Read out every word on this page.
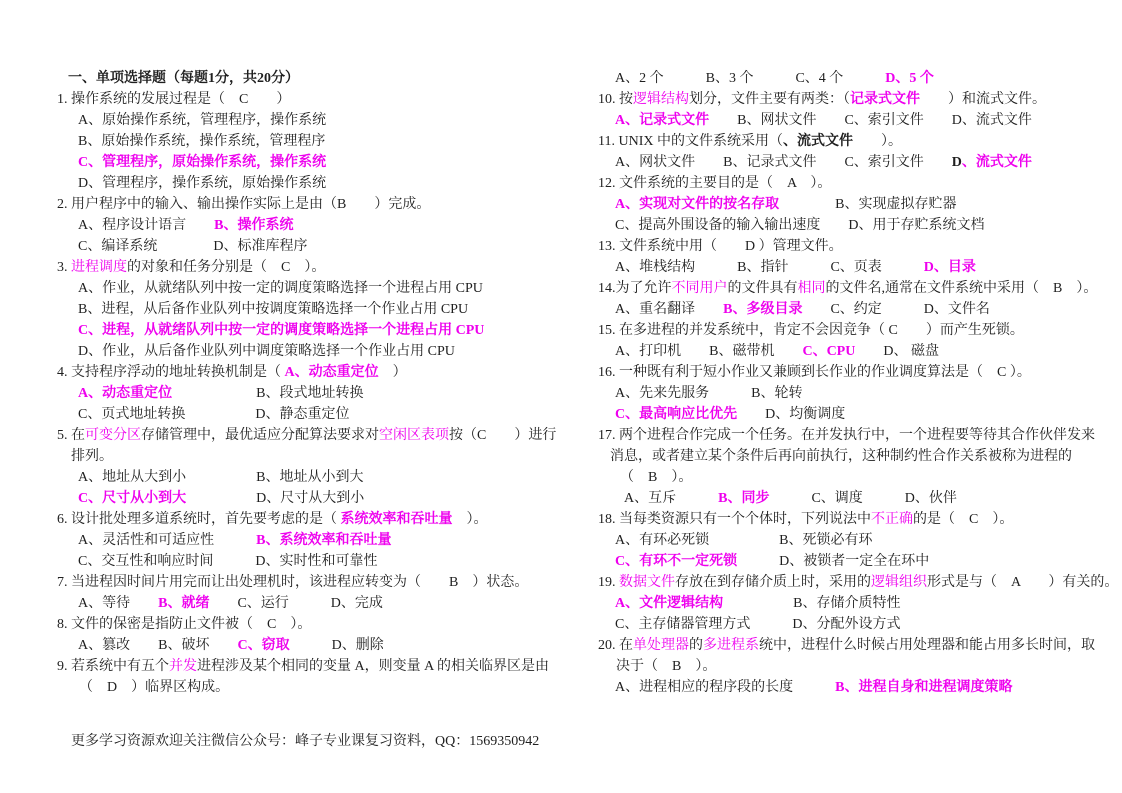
一、单项选择题（每题1分，共20分）
1. 操作系统的发展过程是（　C　　）
A、原始操作系统，管理程序，操作系统
B、原始操作系统，操作系统，管理程序
C、管理程序，原始操作系统，操作系统
D、管理程序，操作系统，原始操作系统
2. 用户程序中的输入、输出操作实际上是由（B　　）完成。
A、程序设计语言　　B、操作系统
C、编译系统　　　　D、标准库程序
3. 进程调度的对象和任务分别是（　C　）。
A、作业，从就绪队列中按一定的调度策略选择一个进程占用 CPU
B、进程，从后备作业队列中按调度策略选择一个作业占用 CPU
C、进程，从就绪队列中按一定的调度策略选择一个进程占用 CPU
D、作业，从后备作业队列中调度策略选择一个作业占用 CPU
4. 支持程序浮动的地址转换机制是（ A、动态重定位　）
A、动态重定位　　　　　　B、段式地址转换
C、页式地址转换　　　　　D、静态重定位
5. 在可变分区存储管理中，最优适应分配算法要求对空闲区表项按（C　　）进行
排列。
A、地址从大到小　　　　　B、地址从小到大
C、尺寸从小到大　　　　　D、尺寸从大到小
6. 设计批处理多道系统时，首先要考虑的是（ 系统效率和吞吐量　）。
A、灵活性和可适应性　　　B、系统效率和吞吐量
C、交互性和响应时间　　　D、实时性和可靠性
7. 当进程因时间片用完而让出处理机时，该进程应转变为（　　B　）状态。
A、等待　　B、就绪　　C、运行　　　D、完成
8. 文件的保密是指防止文件被（　C　）。
A、篡改　　B、破坏　　C、窃取　　　D、删除
9. 若系统中有五个并发进程涉及某个相同的变量 A，则变量 A 的相关临界区是由
（　D　）临界区构成。
A、2 个　　　B、3 个　　　C、4 个　　　D、5 个
10. 按逻辑结构划分，文件主要有两类：（记录式文件　　）和流式文件。
A、记录式文件　　B、网状文件　　C、索引文件　　D、流式文件
11. UNIX 中的文件系统采用（、流式文件　　）。
A、网状文件　　B、记录式文件　　C、索引文件　　D、流式文件
12. 文件系统的主要目的是（　A　）。
A、实现对文件的按名存取　　　　B、实现虚拟存贮器
C、提高外围设备的输入输出速度　　D、用于存贮系统文档
13. 文件系统中用（　　D ）管理文件。
A、堆栈结构　　　B、指针　　　C、页表　　　D、目录
14.为了允许不同用户的文件具有相同的文件名,通常在文件系统中采用（　B　）。
A、重名翻译　　B、多级目录　　C、约定　　　D、文件名
15. 在多进程的并发系统中，肯定不会因竞争（ C　　）而产生死锁。
A、打印机　　B、磁带机　　C、CPU　　D、 磁盘
16. 一种既有利于短小作业又兼顾到长作业的作业调度算法是（　C ）。
A、先来先服务　　　B、轮转
C、最高响应比优先　　D、均衡调度
17. 两个进程合作完成一个任务。在并发执行中，一个进程要等待其合作伙伴发来
消息，或者建立某个条件后再向前执行，这种制约性合作关系被称为进程的
（　B　）。
A、互斥　　　B、同步　　　C、调度　　　D、伙伴
18. 当每类资源只有一个个体时，下列说法中不正确的是（　C　）。
A、有环必死锁　　　　　B、死锁必有环
C、有环不一定死锁　　　D、被锁者一定全在环中
19. 数据文件存放在到存储介质上时，采用的逻辑组织形式是与（　A　　）有关的。
A、文件逻辑结构　　　　　B、存储介质特性
C、主存储器管理方式　　　D、分配外设方式
20. 在单处理器的多进程系统中，进程什么时候占用处理器和能占用多长时间，取
决于（　B　）。
A、进程相应的程序段的长度　　　B、进程自身和进程调度策略

更多学习资源欢迎关注微信公众号：峰子专业课复习资料，QQ：1569350942
